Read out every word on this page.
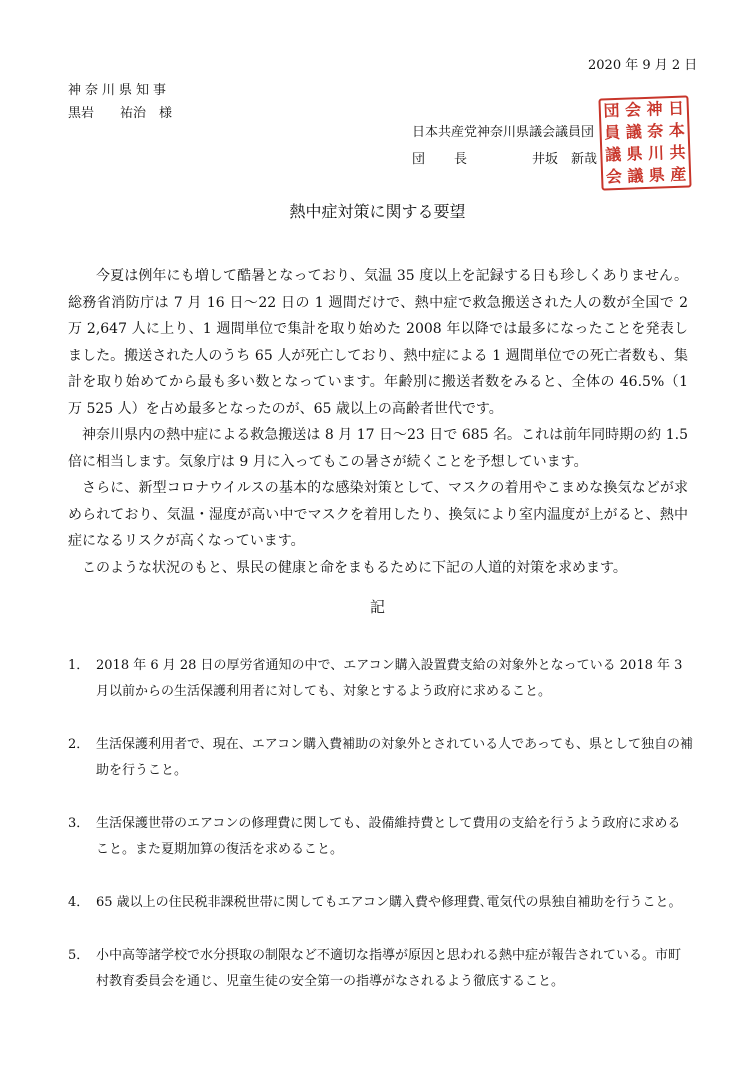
2020 年 9 月 2 日
神奈川県知事
黒岩　　祐治　様
日本共産党神奈川県議会議員団
団　長	井坂　新哉
団 会 神 日
員 議 奈 本
議 県 川 共
会 議 県 産
熱中症対策に関する要望

今夏は例年にも増して酷暑となっており、気温 35 度以上を記録する日も珍しくありません。総務省消防庁は 7 月 16 日～22 日の 1 週間だけで、熱中症で救急搬送された人の数が全国で 2 万 2,647 人に上り、1 週間単位で集計を取り始めた 2008 年以降では最多になったことを発表しました。搬送された人のうち 65 人が死亡しており、熱中症による 1 週間単位での死亡者数も、集計を取り始めてから最も多い数となっています。年齢別に搬送者数をみると、全体の 46.5%（1 万 525 人）を占め最多となったのが、65 歳以上の高齢者世代です。

神奈川県内の熱中症による救急搬送は 8 月 17 日～23 日で 685 名。これは前年同時期の約 1.5 倍に相当します。気象庁は 9 月に入ってもこの暑さが続くことを予想しています。

さらに、新型コロナウイルスの基本的な感染対策として、マスクの着用やこまめな換気などが求められており、気温・湿度が高い中でマスクを着用したり、換気により室内温度が上がると、熱中症になるリスクが高くなっています。

このような状況のもと、県民の健康と命をまもるために下記の人道的対策を求めます。

記
1． 2018 年 6 月 28 日の厚労省通知の中で、エアコン購入設置費支給の対象外となっている 2018 年 3 月以前からの生活保護利用者に対しても、対象とするよう政府に求めること。
2． 生活保護利用者で、現在、エアコン購入費補助の対象外とされている人であっても、県として独自の補助を行うこと。
3． 生活保護世帯のエアコンの修理費に関しても、設備維持費として費用の支給を行うよう政府に求めること。また夏期加算の復活を求めること。
4． 65 歳以上の住民税非課税世帯に関してもエアコン購入費や修理費､電気代の県独自補助を行うこと。
5． 小中高等諸学校で水分摂取の制限など不適切な指導が原因と思われる熱中症が報告されている。市町村教育委員会を通じ、児童生徒の安全第一の指導がなされるよう徹底すること。
